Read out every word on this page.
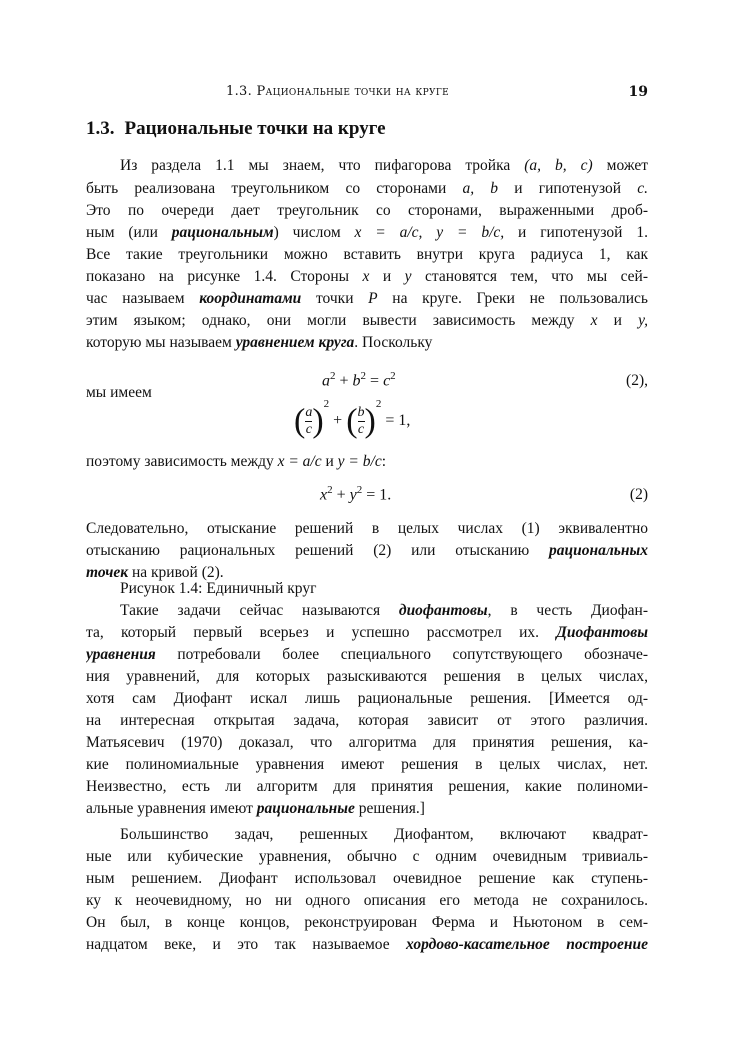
1.3. Рациональные точки на круге	19
1.3. Рациональные точки на круге
Из раздела 1.1 мы знаем, что пифагорова тройка (a, b, c) может
быть реализована треугольником со сторонами a, b и гипотенузой c.
Это по очереди дает треугольник со сторонами, выраженными дроб-
ным (или рациональным) числом x = a/c, y = b/c, и гипотенузой 1.
Все такие треугольники можно вставить внутри круга радиуса 1, как
показано на рисунке 1.4. Стороны x и y становятся тем, что мы сей-
час называем координатами точки P на круге. Греки не пользовались
этим языком; однако, они могли вывести зависимость между x и y,
которую мы называем уравнением круга. Поскольку
$a^2 + b^2 = c^2$	(2),
мы имеем
( $\frac{a}{c} )^2$ + ( $\frac{b}{c} )^2 = 1$,
поэтому зависимость между x = a/c и y = b/c:
$x^2 + y^2 = 1$.	(2)
Следовательно, отыскание решений в целых числах (1) эквивалентно
отысканию рациональных решений (2) или отысканию рациональных
точек на кривой (2).
Рисунок 1.4: Единичный круг
Такие задачи сейчас называются диофантовы, в честь Диофан-
та, который первый всерьез и успешно рассмотрел их. Диофантовы
уравнения потребовали более специального сопутствующего обозначе-
ния уравнений, для которых разыскиваются решения в целых числах,
хотя сам Диофант искал лишь рациональные решения. [Имеется од-
на интересная открытая задача, которая зависит от этого различия.
Матьясевич (1970) доказал, что алгоритма для принятия решения, ка-
кие полиномиальные уравнения имеют решения в целых числах, нет.
Неизвестно, есть ли алгоритм для принятия решения, какие полиноми-
альные уравнения имеют рациональные решения.]
Большинство задач, решенных Диофантом, включают квадрат-
ные или кубические уравнения, обычно с одним очевидным тривиаль-
ным решением. Диофант использовал очевидное решение как ступень-
ку к неочевидному, но ни одного описания его метода не сохранилось.
Он был, в конце концов, реконструирован Ферма и Ньютоном в сем-
надцатом веке, и это так называемое хордово-касательное построение
